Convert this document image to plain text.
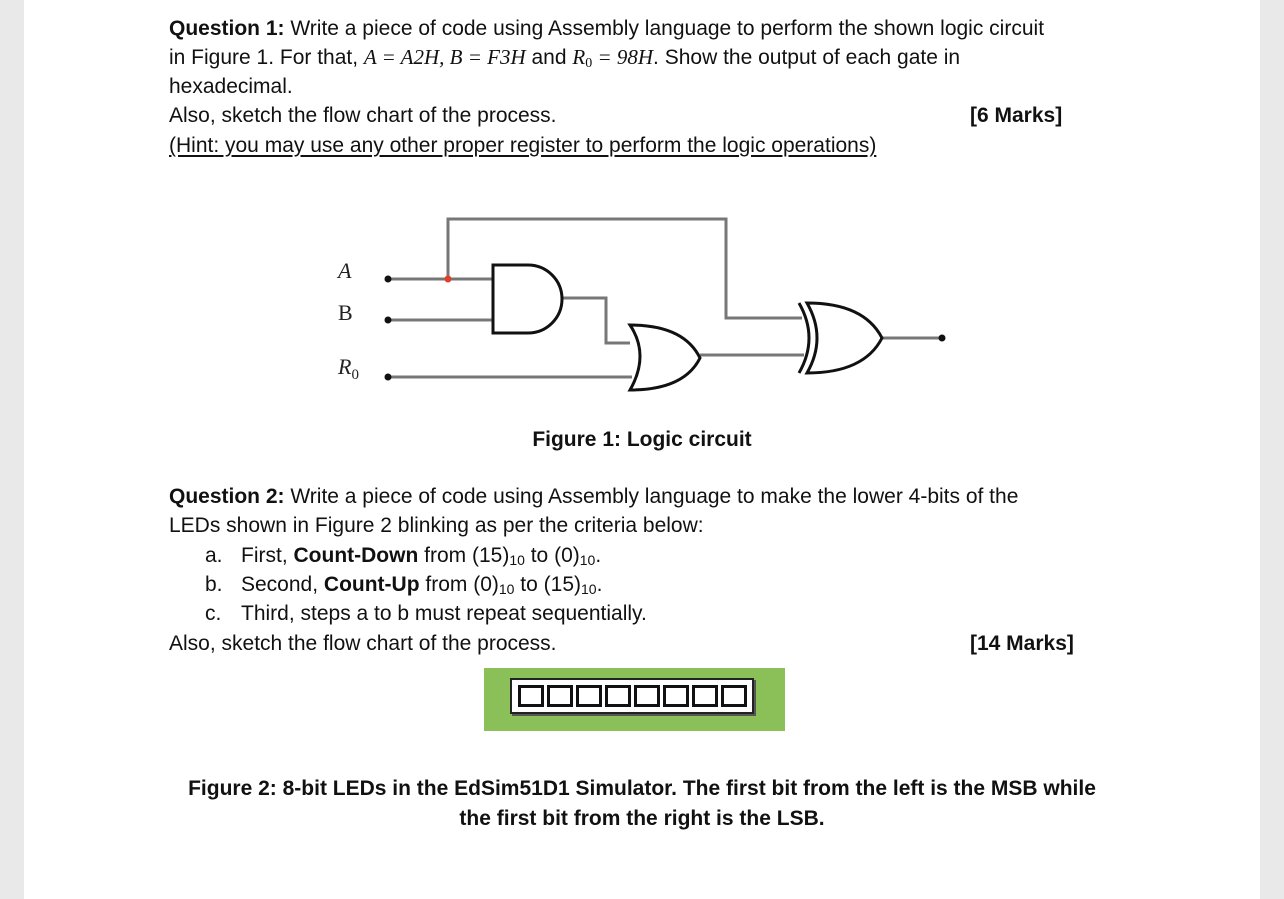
Question 1: Write a piece of code using Assembly language to perform the shown logic circuit
in Figure 1. For that, A = A2H, B = F3H and $R_0 = 98H$. Show the output of each gate in
hexadecimal.
Also, sketch the flow chart of the process.	[6 Marks]
(Hint: you may use any other proper register to perform the logic operations)
A
B
$R_0$
Figure 1: Logic circuit
Question 2: Write a piece of code using Assembly language to make the lower 4-bits of the
LEDs shown in Figure 2 blinking as per the criteria below:
a. First, Count-Down from $(15)_{10}$ to $(0)_{10}$.
b. Second, Count-Up from $(0)_{10}$ to $(15)_{10}$.
c. Third, steps a to b must repeat sequentially.
Also, sketch the flow chart of the process.	[14 Marks]
Figure 2: 8-bit LEDs in the EdSim51D1 Simulator. The first bit from the left is the MSB while
the first bit from the right is the LSB.
